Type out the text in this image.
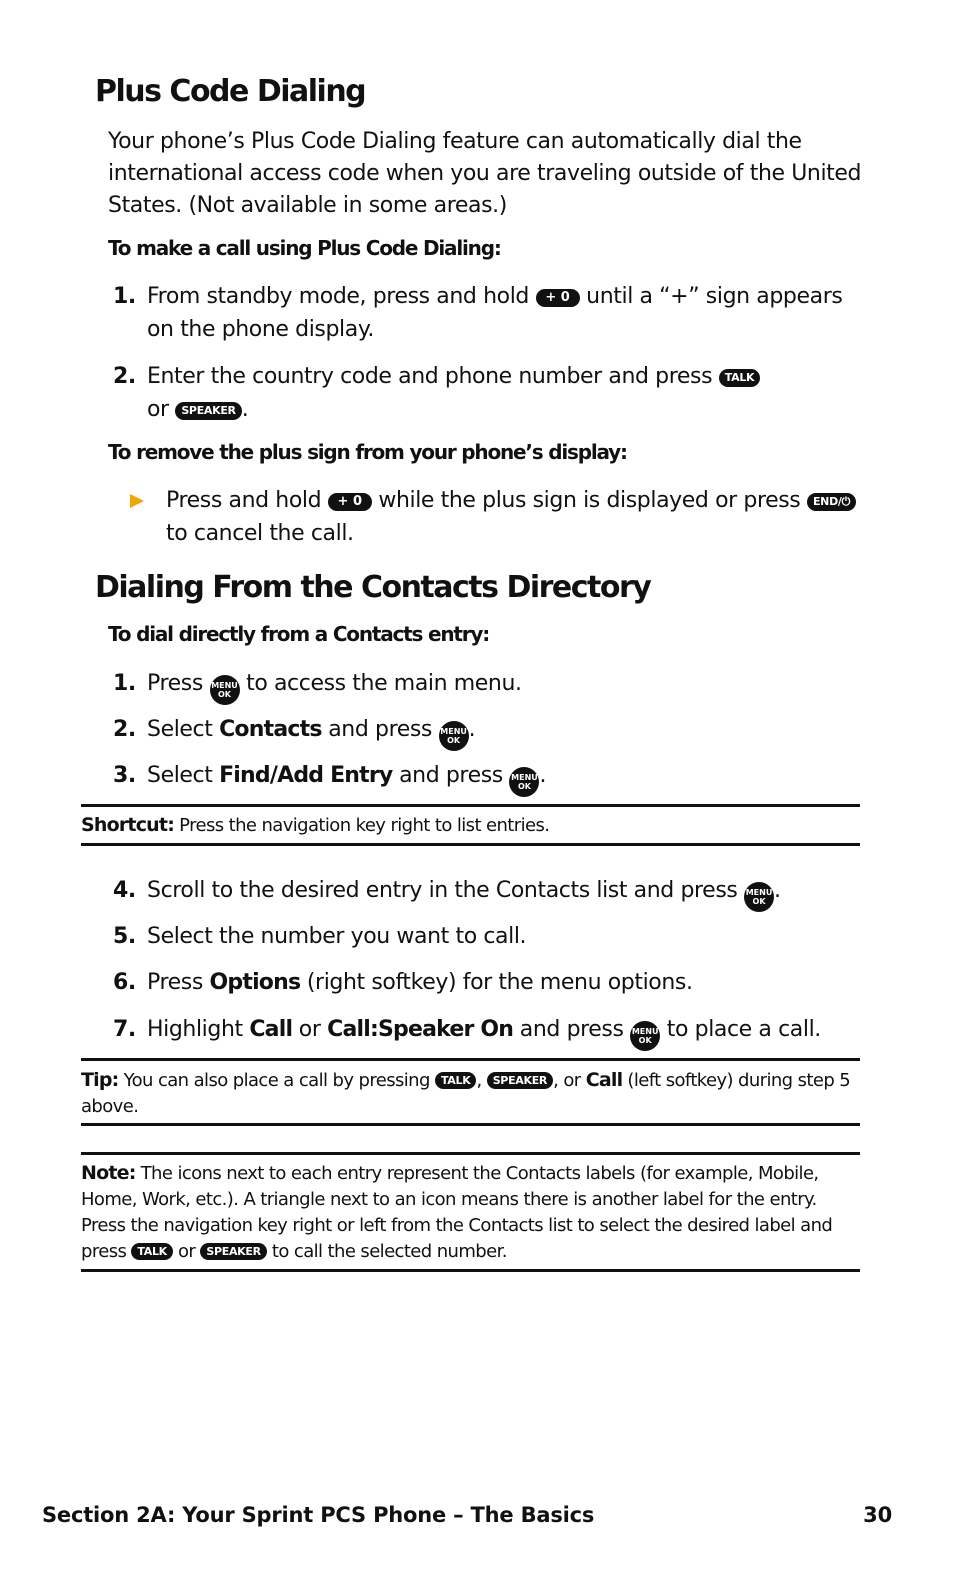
Plus Code Dialing

Your phone’s Plus Code Dialing feature can automatically dial the international access code when you are traveling outside of the United States. (Not available in some areas.)

To make a call using Plus Code Dialing:
1. From standby mode, press and hold + 0 until a “+” sign appears on the phone display.
2. Enter the country code and phone number and press TALK
or SPEAKER .
To remove the plus sign from your phone’s display:
Press and hold + 0 while the plus sign is displayed or press END/⏻ to cancel the call.
Dialing From the Contacts Directory
To dial directly from a Contacts entry:
1. Press MENU
OK to access the main menu.
2. Select Contacts and press MENU
OK .
3. Select Find/Add Entry and press MENU
OK .
Shortcut: Press the navigation key right to list entries.
4. Scroll to the desired entry in the Contacts list and press MENU
OK .
5. Select the number you want to call.
6. Press Options (right softkey) for the menu options.
7. Highlight Call or Call:Speaker On and press MENU
OK to place a call.
Tip: You can also place a call by pressing TALK , SPEAKER , or Call (left softkey) during step 5 above.
Note: The icons next to each entry represent the Contacts labels (for example, Mobile, Home, Work, etc.). A triangle next to an icon means there is another label for the entry. Press the navigation key right or left from the Contacts list to select the desired label and press TALK or SPEAKER to call the selected number.
Section 2A: Your Sprint PCS Phone – The Basics	30
